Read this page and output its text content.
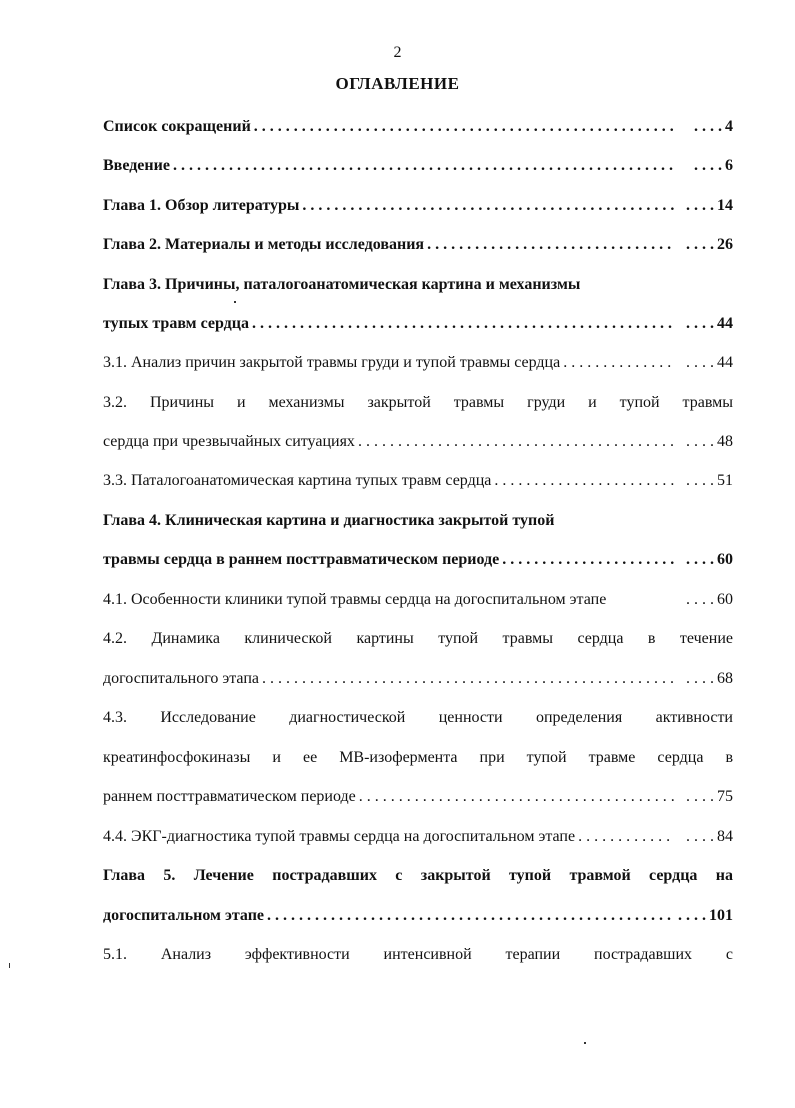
2
ОГЛАВЛЕНИЕ
Список сокращений . . .	. . . . 4
Введение . . .	. . . . 6
Глава 1. Обзор литературы . . .	. . . . 14
Глава 2. Материалы и методы исследования . . .	. . . . 26
Глава 3. Причины, паталогоанатомическая картина и механизмы
тупых травм сердца . . .	. . . . 44
3.1. Анализ причин закрытой травмы груди и тупой травмы сердца . . .	. . . . 44
3.2. Причины и механизмы закрытой травмы груди и тупой травмы
сердца при чрезвычайных ситуациях . . .	. . . . 48
3.3. Паталогоанатомическая картина тупых травм сердца . . .	. . . . 51
Глава 4. Клиническая картина и диагностика закрытой тупой
травмы сердца в раннем посттравматическом периоде . . .	. . . . 60
4.1. Особенности клиники тупой травмы сердца на догоспитальном этапе	. . . . 60
4.2. Динамика клинической картины тупой травмы сердца в течение
догоспитального этапа . . .	. . . . 68
4.3. Исследование диагностической ценности определения активности
креатинфосфокиназы и ее МВ-изофермента при тупой травме сердца в
раннем посттравматическом периоде . . .	. . . . 75
4.4. ЭКГ-диагностика тупой травмы сердца на догоспитальном этапе . . .	. . . . 84
Глава 5. Лечение пострадавших с закрытой тупой травмой сердца на
догоспитальном этапе . . .	. . . . 101
5.1. Анализ эффективности интенсивной терапии пострадавших с
